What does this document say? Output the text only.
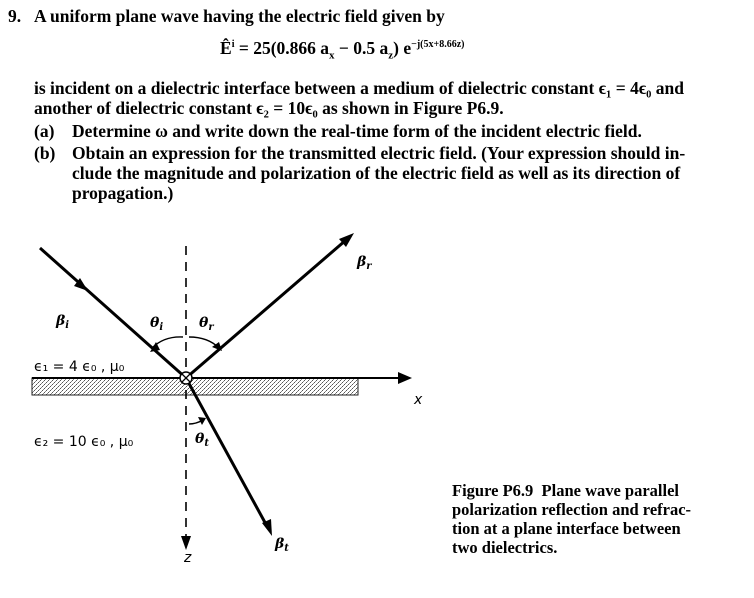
9. A uniform plane wave having the electric field given by
$Ê^i = 25(0.866$ $a_x - 0.5$ $a_z$) $e^{-j(5x+8.66z)}$

is incident on a dielectric interface between a medium of dielectric constant ϵ₁ = 4ϵ₀ and

another of dielectric constant ϵ₂ = 10ϵ₀ as shown in Figure P6.9.

(a)	Determine ω and write down the real-time form of the incident electric field.
(b) Obtain an expression for the transmitted electric field. (Your expression should in-
clude the magnitude and polarization of the electric field as well as its direction of
propagation.)
$\beta_i$
$\beta_r$
$\beta_t$
$\theta_i$	$\theta_r$
$\theta_t$
ϵ₁ = 4 ϵ₀ , μ₀
ϵ₂ = 10 ϵ₀ , μ₀
x
z
Figure P6.9 Plane wave parallel
polarization reflection and refrac-
tion at a plane interface between
two dielectrics.
